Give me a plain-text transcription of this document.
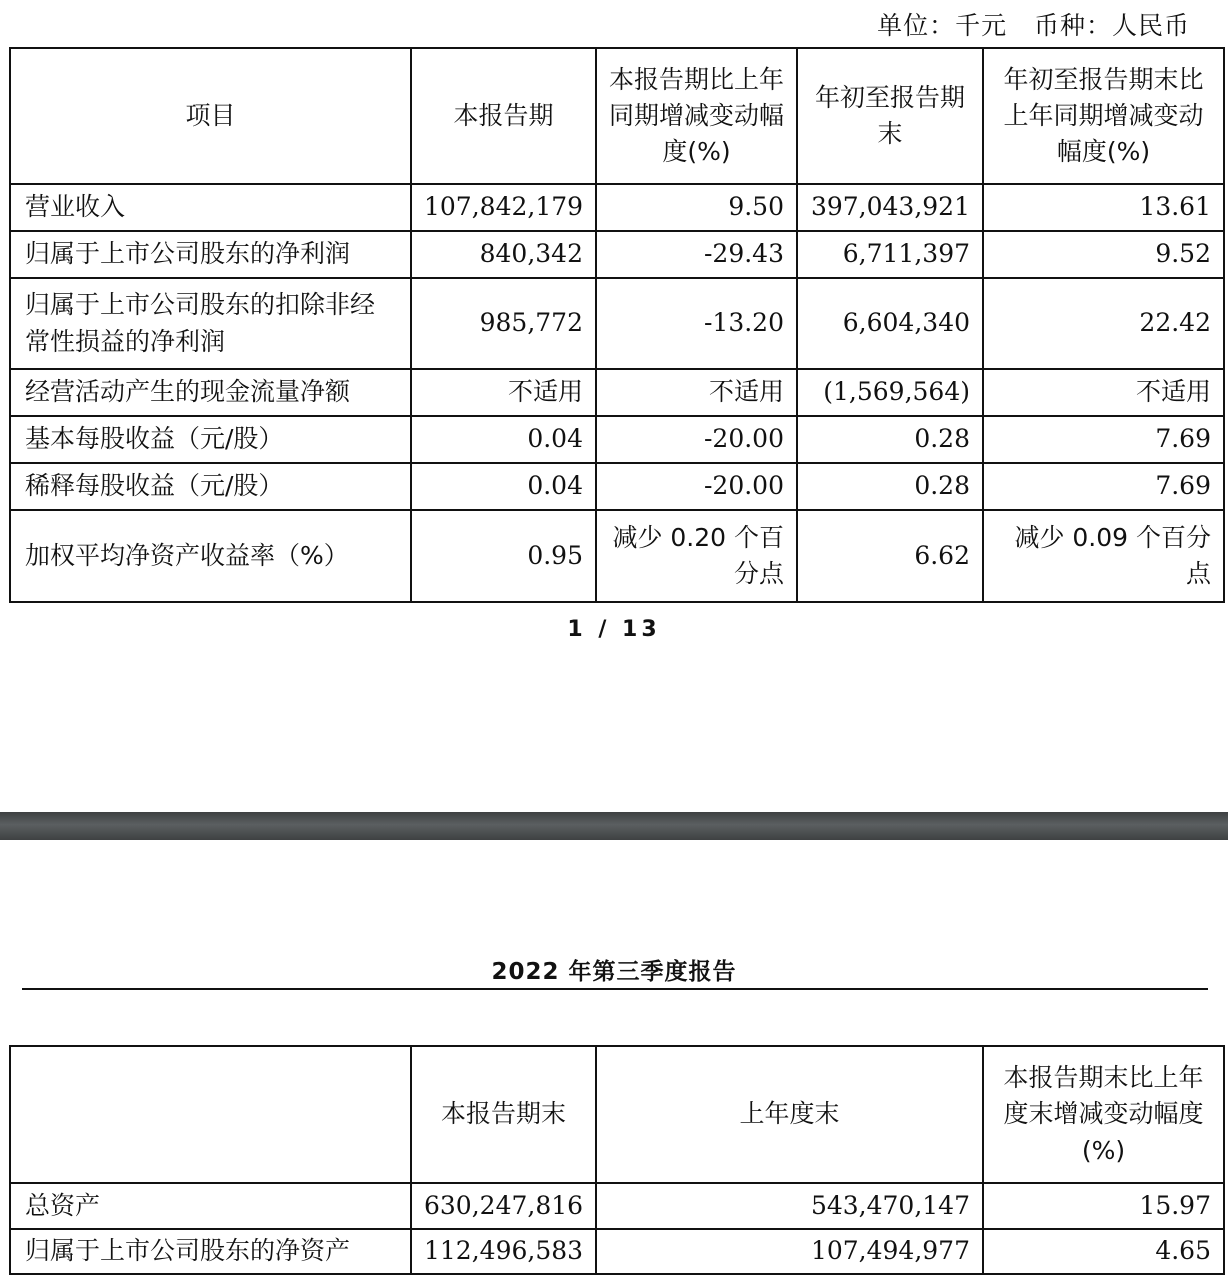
单位：千元   币种：人民币
项目	本报告期	本报告期比上年同期增减变动幅度(%)	年初至报告期末	年初至报告期末比上年同期增减变动幅度(%)
营业收入	107,842,179	9.50	397,043,921	13.61
归属于上市公司股东的净利润	840,342	-29.43	6,711,397	9.52
归属于上市公司股东的扣除非经常性损益的净利润	985,772	-13.20	6,604,340	22.42
经营活动产生的现金流量净额	不适用	不适用	(1,569,564)	不适用
基本每股收益（元/股）	0.04	-20.00	0.28	7.69
稀释每股收益（元/股）	0.04	-20.00	0.28	7.69
加权平均净资产收益率（%）	0.95	减少 0.20 个百分点	6.62	减少 0.09 个百分点
1 / 13
2022 年第三季度报告
	本报告期末	上年度末	本报告期末比上年度末增减变动幅度(%)
总资产	630,247,816	543,470,147	15.97
归属于上市公司股东的净资产	112,496,583	107,494,977	4.65
